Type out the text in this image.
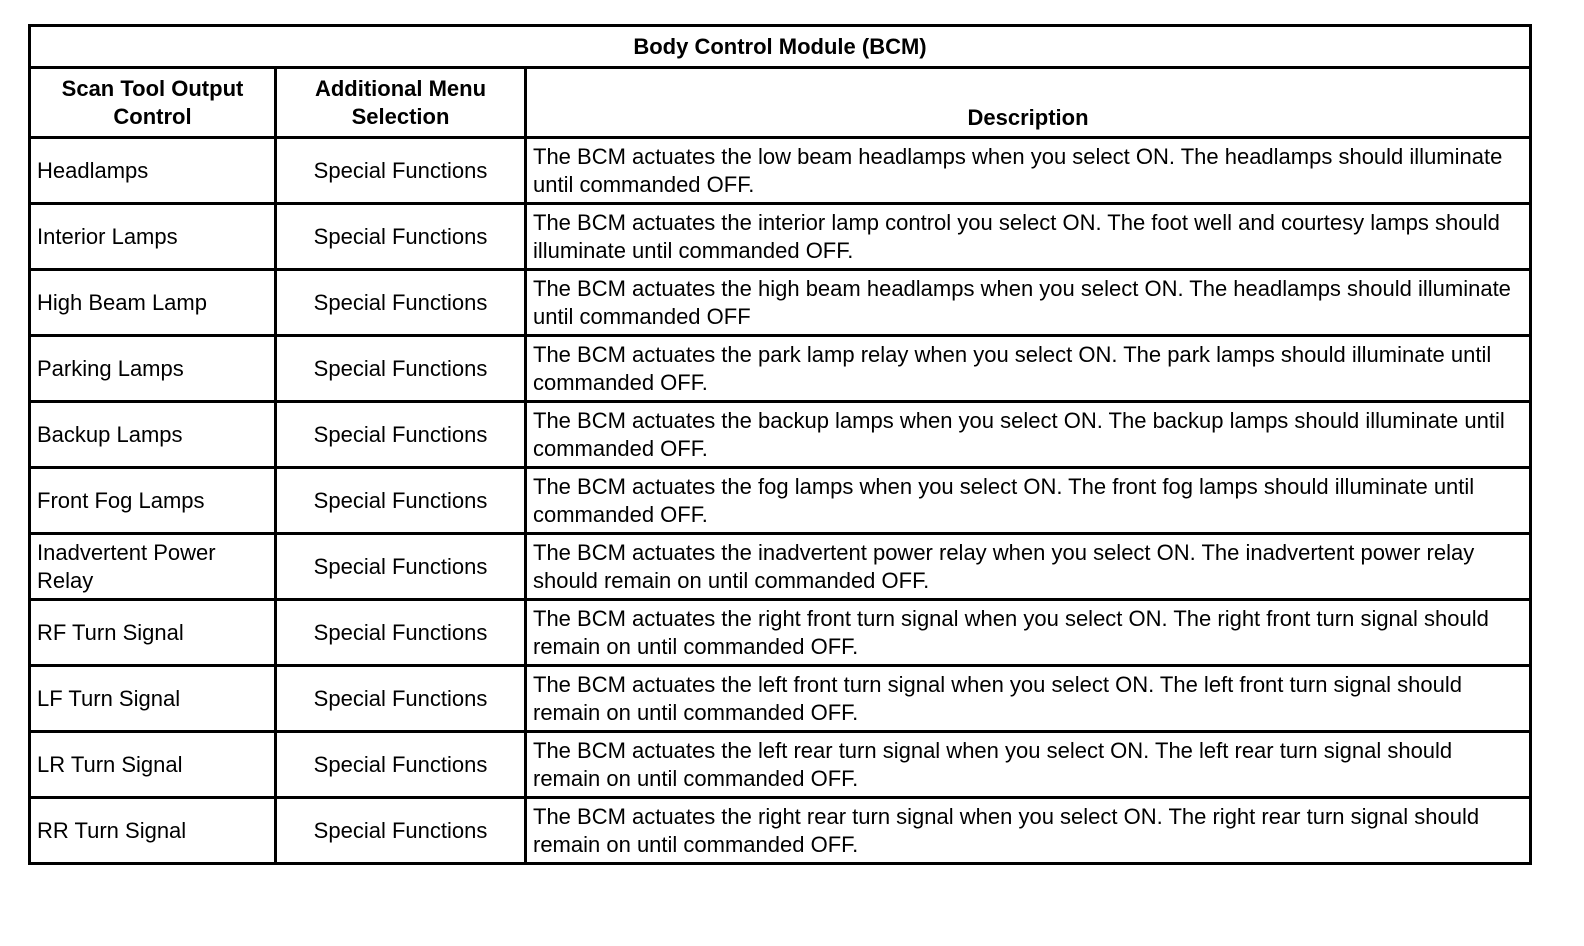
Body Control Module (BCM)		
Scan Tool Output Control	Additional Menu Selection	Description
Headlamps	Special Functions	The BCM actuates the low beam headlamps when you select ON. The headlamps should illuminate until commanded OFF.
Interior Lamps	Special Functions	The BCM actuates the interior lamp control you select ON. The foot well and courtesy lamps should illuminate until commanded OFF.
High Beam Lamp	Special Functions	The BCM actuates the high beam headlamps when you select ON. The headlamps should illuminate until commanded OFF
Parking Lamps	Special Functions	The BCM actuates the park lamp relay when you select ON. The park lamps should illuminate until commanded OFF.
Backup Lamps	Special Functions	The BCM actuates the backup lamps when you select ON. The backup lamps should illuminate until commanded OFF.
Front Fog Lamps	Special Functions	The BCM actuates the fog lamps when you select ON. The front fog lamps should illuminate until commanded OFF.
Inadvertent Power Relay	Special Functions	The BCM actuates the inadvertent power relay when you select ON. The inadvertent power relay should remain on until commanded OFF.
RF Turn Signal	Special Functions	The BCM actuates the right front turn signal when you select ON. The right front turn signal should remain on until commanded OFF.
LF Turn Signal	Special Functions	The BCM actuates the left front turn signal when you select ON. The left front turn signal should remain on until commanded OFF.
LR Turn Signal	Special Functions	The BCM actuates the left rear turn signal when you select ON. The left rear turn signal should remain on until commanded OFF.
RR Turn Signal	Special Functions	The BCM actuates the right rear turn signal when you select ON. The right rear turn signal should remain on until commanded OFF.
